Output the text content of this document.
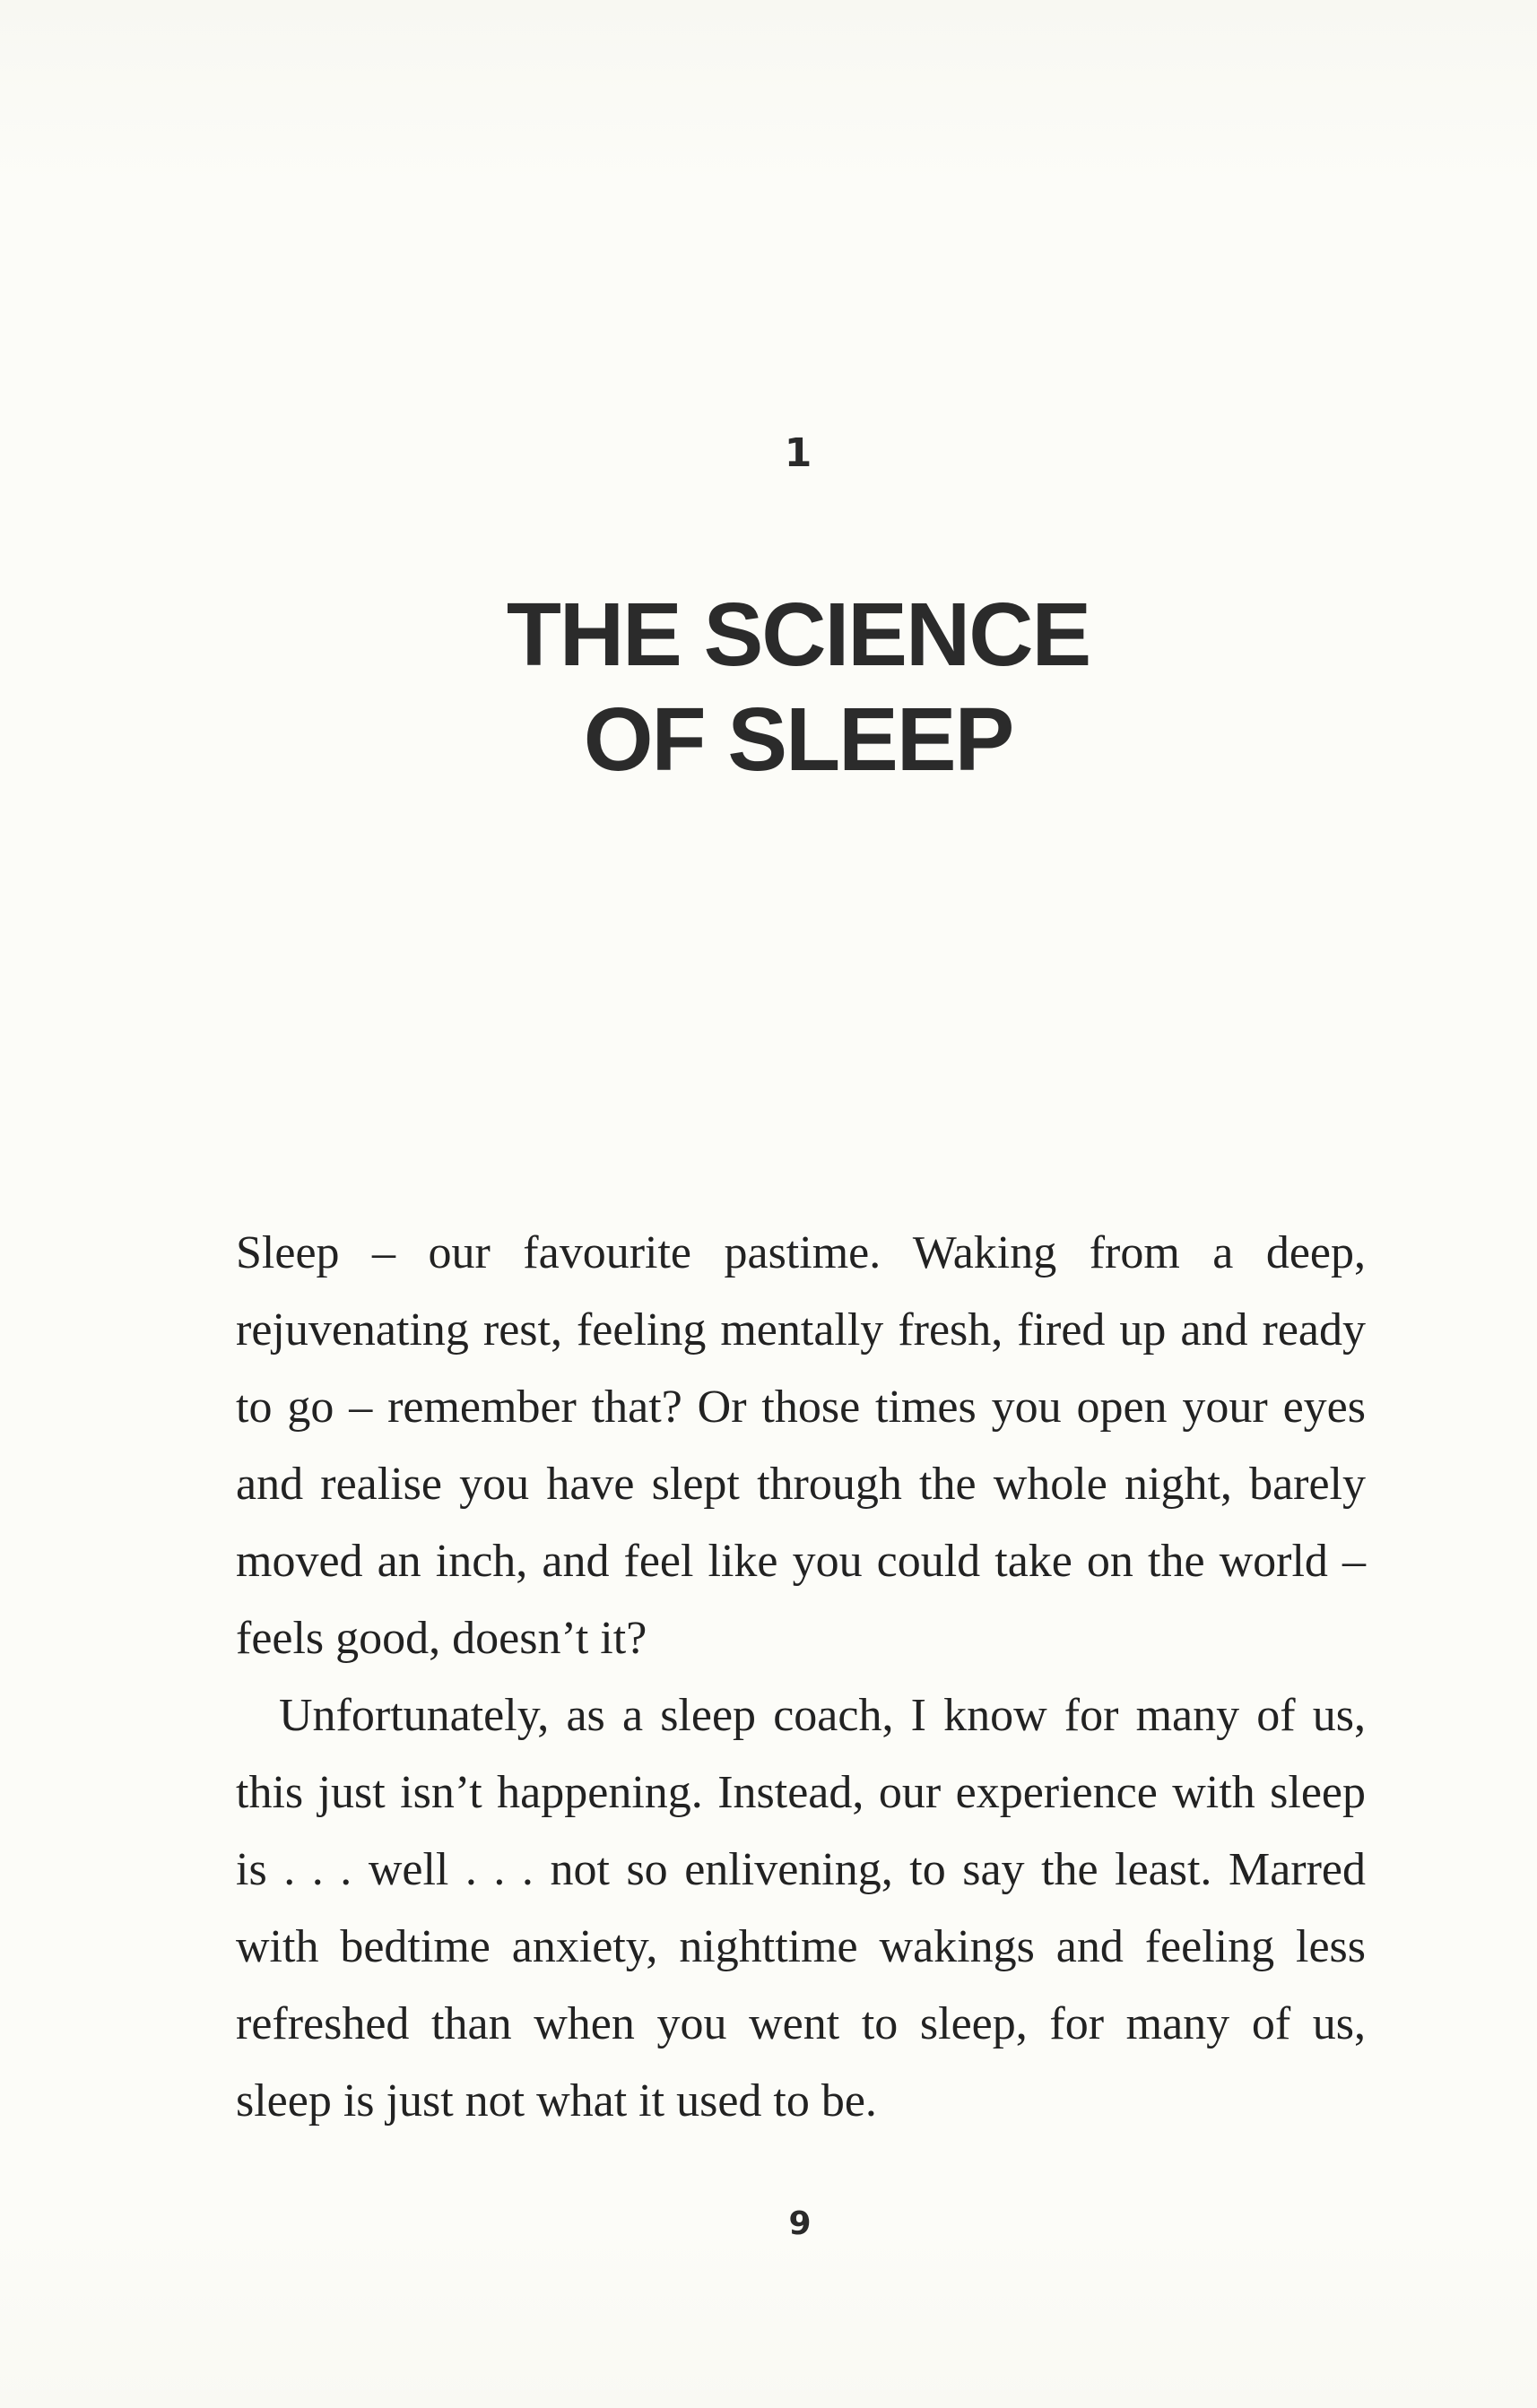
1
THE SCIENCE
OF SLEEP

Sleep – our favourite pastime. Waking from a deep, rejuvenating rest, feeling mentally fresh, fired up and ready to go – remember that? Or those times you open your eyes and realise you have slept through the whole night, barely moved an inch, and feel like you could take on the world – feels good, doesn’t it?

Unfortunately, as a sleep coach, I know for many of us, this just isn’t happening. Instead, our experience with sleep is . . . well . . . not so enlivening, to say the least. Marred with bedtime anxiety, nighttime wakings and feeling less refreshed than when you went to sleep, for many of us, sleep is just not what it used to be.

9
